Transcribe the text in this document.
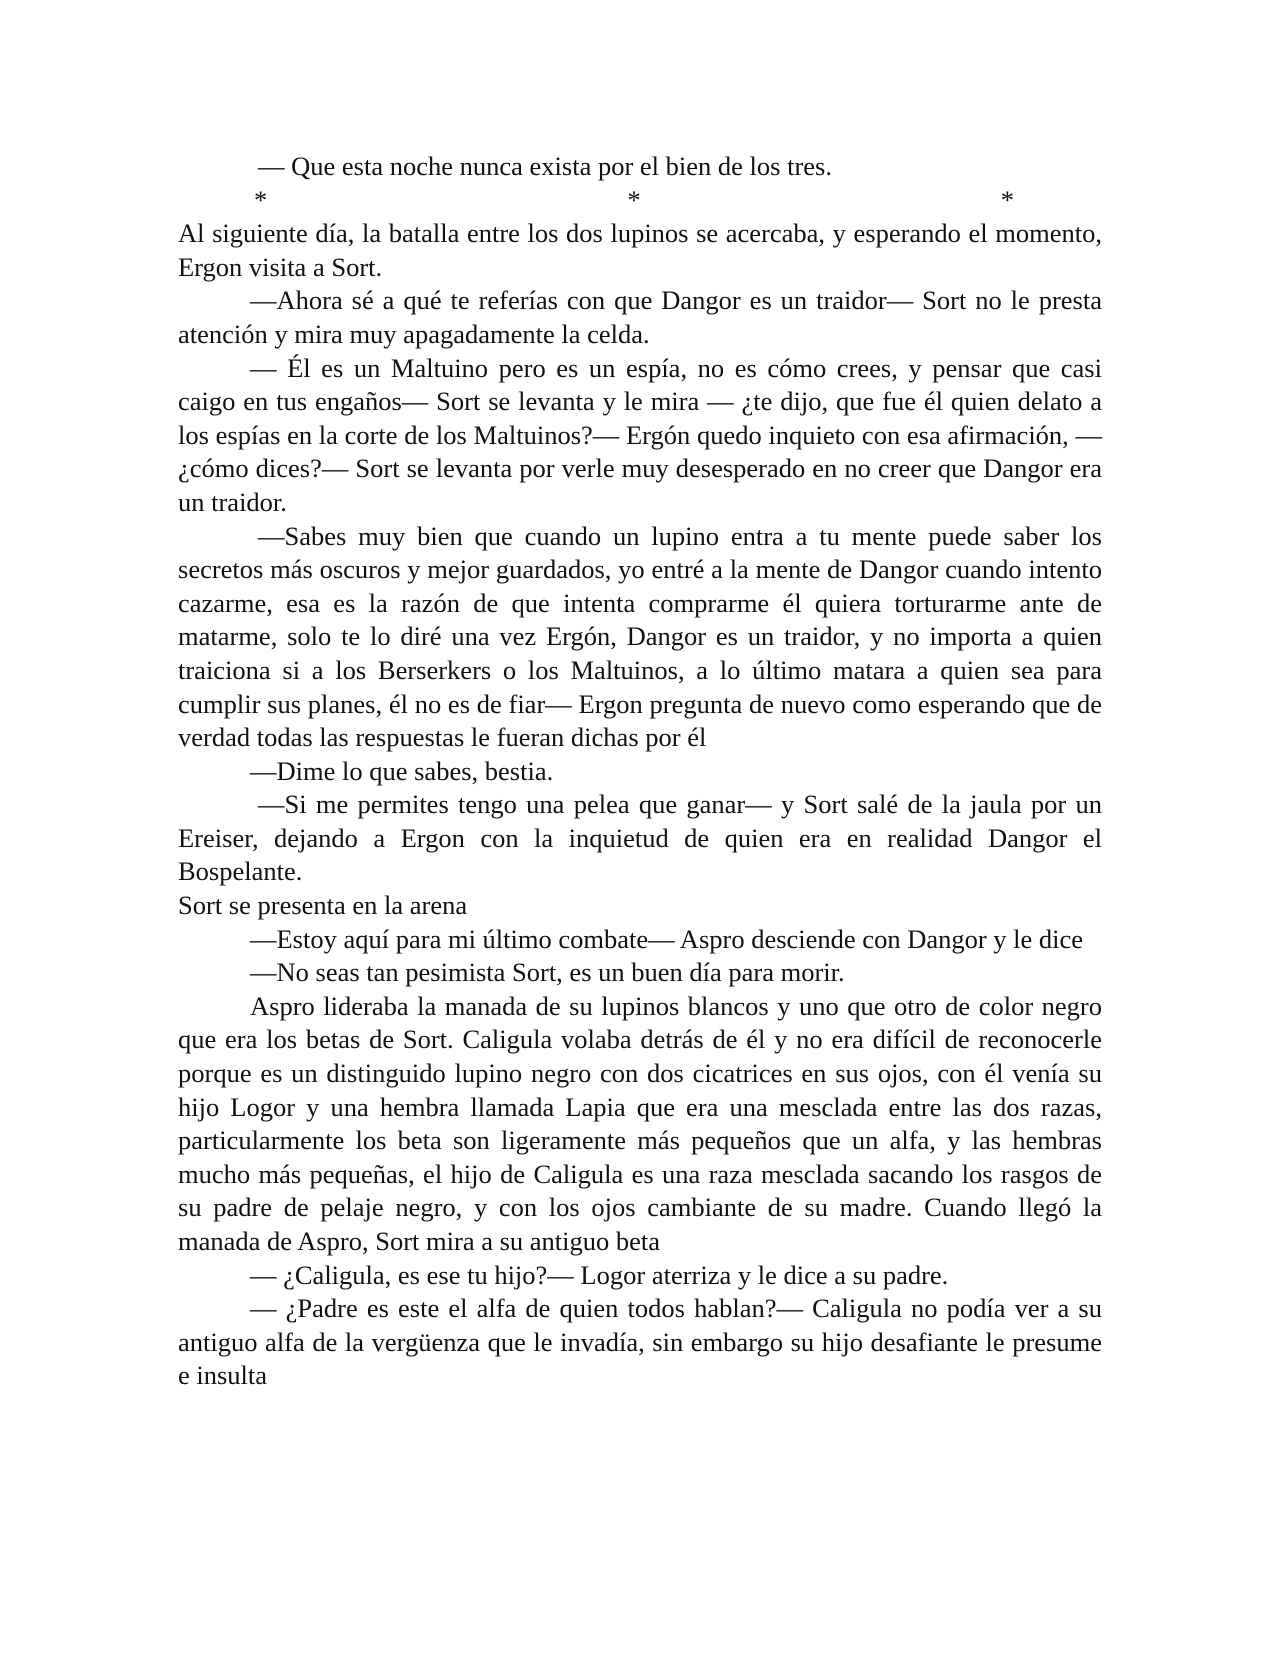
— Que esta noche nunca exista por el bien de los tres.

*	*	*

Al siguiente día, la batalla entre los dos lupinos se acercaba, y esperando el momento, Ergon visita a Sort.

—Ahora sé a qué te referías con que Dangor es un traidor— Sort no le presta atención y mira muy apagadamente la celda.

— Él es un Maltuino pero es un espía, no es cómo crees, y pensar que casi caigo en tus engaños— Sort se levanta y le mira — ¿te dijo, que fue él quien delato a los espías en la corte de los Maltuinos?— Ergón quedo inquieto con esa afirmación, — ¿cómo dices?— Sort se levanta por verle muy desesperado en no creer que Dangor era un traidor.

—Sabes muy bien que cuando un lupino entra a tu mente puede saber los secretos más oscuros y mejor guardados, yo entré a la mente de Dangor cuando intento cazarme, esa es la razón de que intenta comprarme él quiera torturarme ante de matarme, solo te lo diré una vez Ergón, Dangor es un traidor, y no importa a quien traiciona si a los Berserkers o los Maltuinos, a lo último matara a quien sea para cumplir sus planes, él no es de fiar— Ergon pregunta de nuevo como esperando que de verdad todas las respuestas le fueran dichas por él

—Dime lo que sabes, bestia.

—Si me permites tengo una pelea que ganar— y Sort salé de la jaula por un Ereiser, dejando a Ergon con la inquietud de quien era en realidad Dangor el Bospelante.

Sort se presenta en la arena

—Estoy aquí para mi último combate— Aspro desciende con Dangor y le dice

—No seas tan pesimista Sort, es un buen día para morir.

Aspro lideraba la manada de su lupinos blancos y uno que otro de color negro que era los betas de Sort. Caligula volaba detrás de él y no era difícil de reconocerle porque es un distinguido lupino negro con dos cicatrices en sus ojos, con él venía su hijo Logor y una hembra llamada Lapia que era una mesclada entre las dos razas, particularmente los beta son ligeramente más pequeños que un alfa, y las hembras mucho más pequeñas, el hijo de Caligula es una raza mesclada sacando los rasgos de su padre de pelaje negro, y con los ojos cambiante de su madre. Cuando llegó la manada de Aspro, Sort mira a su antiguo beta

— ¿Caligula, es ese tu hijo?— Logor aterriza y le dice a su padre.

— ¿Padre es este el alfa de quien todos hablan?— Caligula no podía ver a su antiguo alfa de la vergüenza que le invadía, sin embargo su hijo desafiante le presume e insulta
